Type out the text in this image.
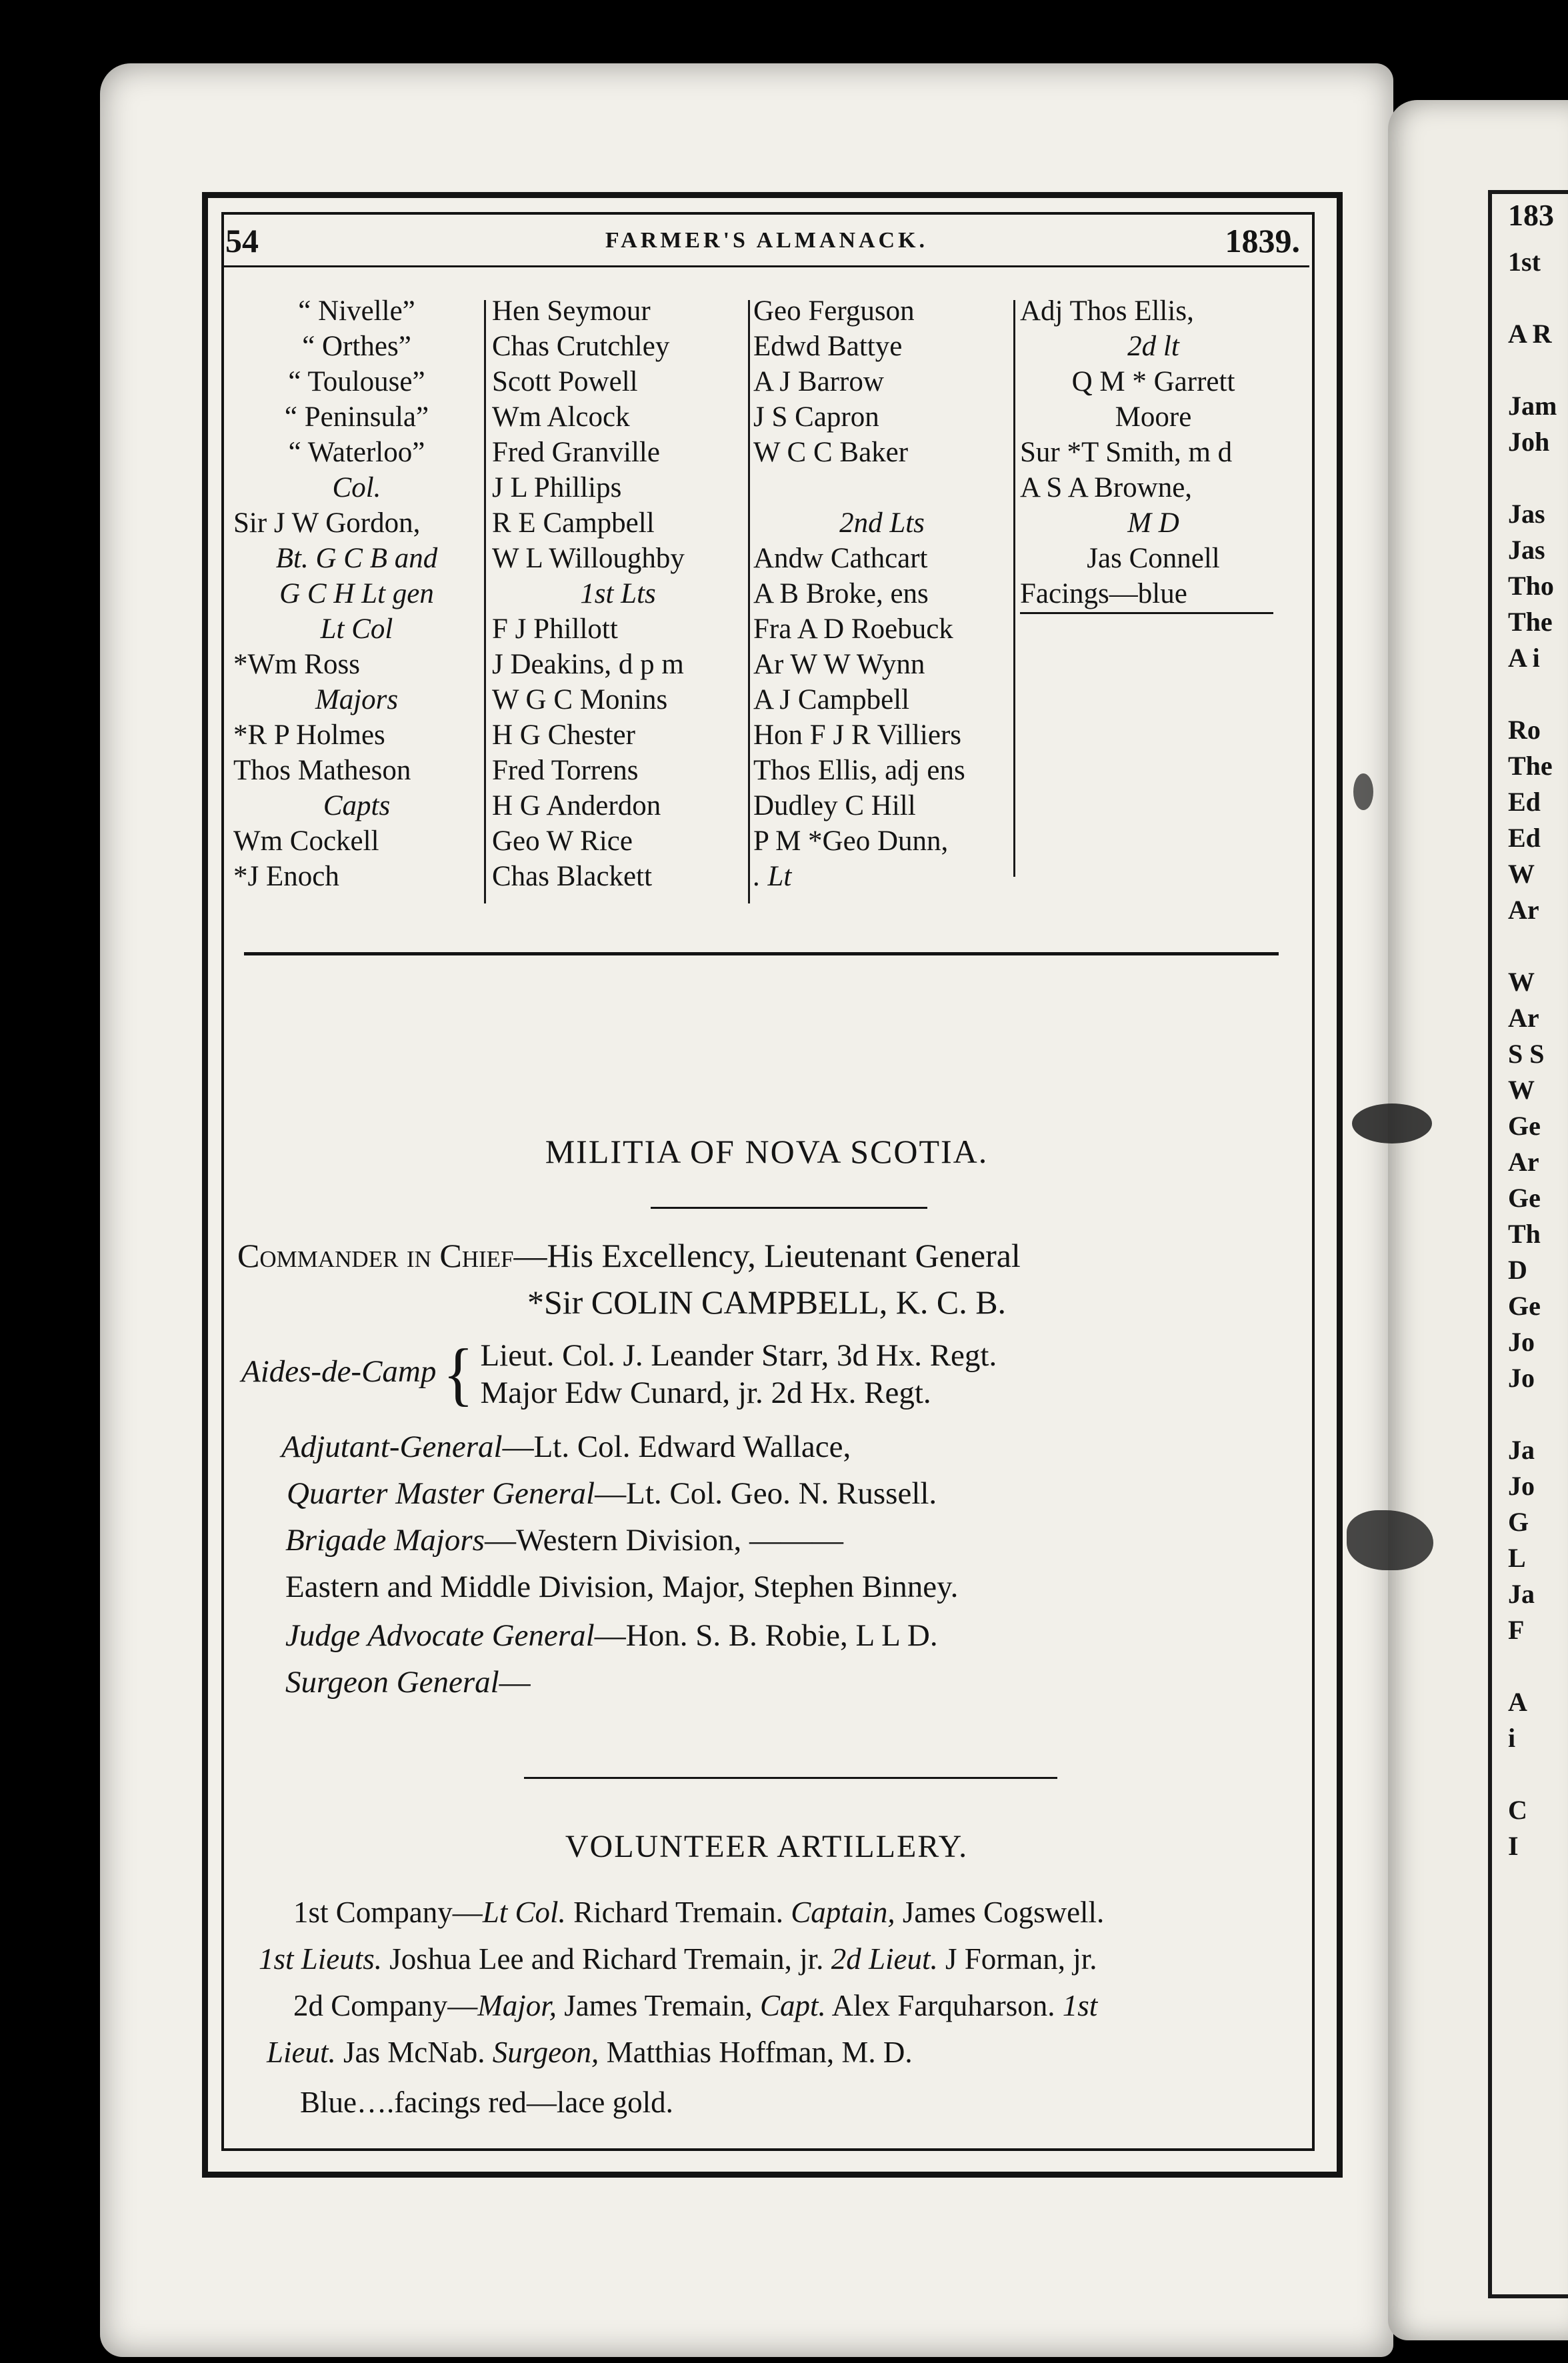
183
1st
A R
Jam
Joh
Jas
Jas
Tho
The
A i
Ro
The
Ed
Ed
W
Ar
W
Ar
S S
W
Ge
Ar
Ge
Th
D
Ge
Jo
Jo
Ja
Jo
G
L
Ja
F
A
i
C
I
54	FARMER'S ALMANACK.	1839.
“ Nivelle”
“ Orthes”
“ Toulouse”
“ Peninsula”
“ Waterloo”
Col.
Sir J W Gordon,
Bt. G C B and
G C H Lt gen
Lt Col
*Wm Ross
Majors
*R P Holmes
Thos Matheson
Capts
Wm Cockell
*J Enoch
Hen Seymour
Chas Crutchley
Scott Powell
Wm Alcock
Fred Granville
J L Phillips
R E Campbell
W L Willoughby
1st Lts
F J Phillott
J Deakins, d p m
W G C Monins
H G Chester
Fred Torrens
H G Anderdon
Geo W Rice
Chas Blackett
Geo Ferguson
Edwd Battye
A J Barrow
J S Capron
W C C Baker
2nd Lts
Andw Cathcart
A B Broke, ens
Fra A D Roebuck
Ar W W Wynn
A J Campbell
Hon F J R Villiers
Thos Ellis, adj ens
Dudley C Hill
P M *Geo Dunn,
. Lt
Adj Thos Ellis,
2d lt
Q M * Garrett
Moore
Sur *T Smith, m d
A S A Browne,
M D
Jas Connell
Facings—blue
MILITIA OF NOVA SCOTIA.
Commander in Chief—His Excellency, Lieutenant General
*Sir COLIN CAMPBELL, K. C. B.
Aides-de-Camp { Lieut. Col. J. Leander Starr, 3d Hx. Regt.
Major Edw Cunard, jr. 2d Hx. Regt.
Adjutant-General—Lt. Col. Edward Wallace,
Quarter Master General—Lt. Col. Geo. N. Russell.
Brigade Majors—Western Division, ———
Eastern and Middle Division, Major, Stephen Binney.
Judge Advocate General—Hon. S. B. Robie, L L D.
Surgeon General—
VOLUNTEER ARTILLERY.
1st Company—Lt Col. Richard Tremain. Captain, James Cogswell.
1st Lieuts. Joshua Lee and Richard Tremain, jr. 2d Lieut. J Forman, jr.
2d Company—Major, James Tremain, Capt. Alex Farquharson. 1st
Lieut. Jas McNab. Surgeon, Matthias Hoffman, M. D.
Blue….facings red—lace gold.
